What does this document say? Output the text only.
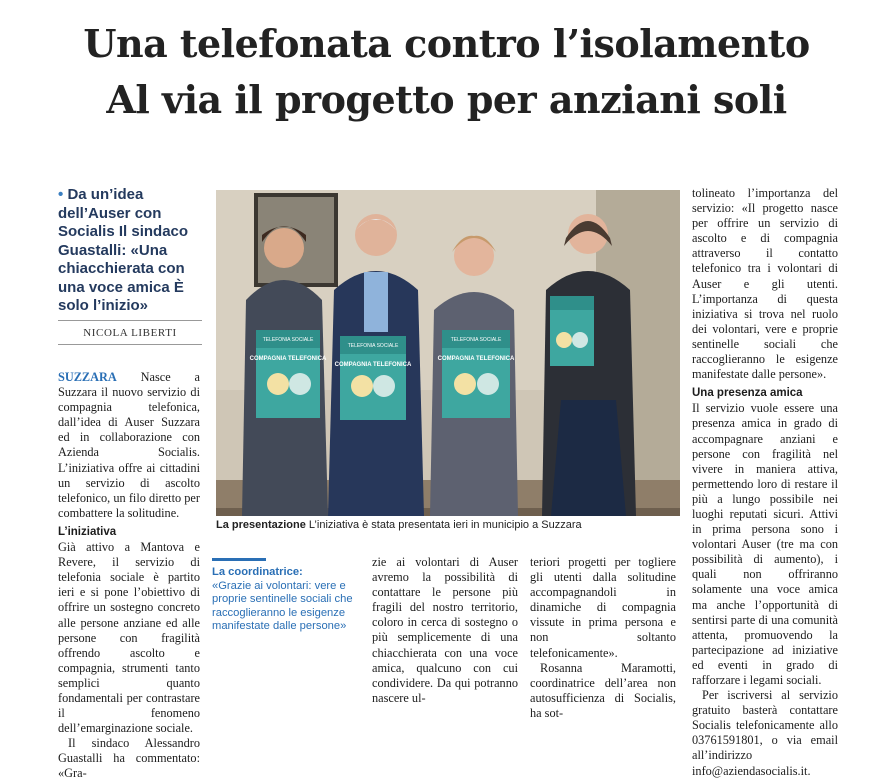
Una telefonata contro l’isolamento
Al via il progetto per anziani soli
• Da un’idea dell’Auser con Socialis Il sindaco Guastalli: «Una chiacchierata con una voce amica È solo l’inizio»
NICOLA LIBERTI

SUZZARA Nasce a Suzzara il nuovo servizio di compagnia telefonica, dall’idea di Auser Suzzara ed in collaborazione con Azienda Socialis. L’iniziativa offre ai cittadini un servizio di ascolto telefonico, un filo diretto per combattere la solitudine.

L’iniziativa

Già attivo a Mantova e Revere, il servizio di telefonia sociale è partito ieri e si pone l’obiettivo di offrire un sostegno concreto alle persone anziane ed alle persone con fragilità offrendo ascolto e compagnia, strumenti tanto semplici quanto fondamentali per contrastare il fenomeno dell’emarginazione sociale.

Il sindaco Alessandro Guastalli ha commentato: «Gra-

TELEFONIA SOCIALE
COMPAGNIA TELEFONICA
TELEFONIA SOCIALE
COMPAGNIA TELEFONICA
TELEFONIA SOCIALE
COMPAGNIA TELEFONICA
La presentazione L’iniziativa è stata presentata ieri in municipio a Suzzara
La coordinatrice:
«Grazie ai volontari: vere e proprie sentinelle sociali che raccoglieranno le esigenze manifestate dalle persone»

zie ai volontari di Auser avremo la possibilità di contattare le persone più fragili del nostro territorio, coloro in cerca di sostegno o più semplicemente di una chiacchierata con una voce amica, qualcuno con cui condividere. Da qui potranno nascere ul-

teriori progetti per togliere gli utenti dalla solitudine accompagnandoli in dinamiche di compagnia vissute in prima persona e non soltanto telefonicamente».

Rosanna Maramotti, coordinatrice dell’area non autosufficienza di Socialis, ha sot-

tolineato l’importanza del servizio: «Il progetto nasce per offrire un servizio di ascolto e di compagnia attraverso il contatto telefonico tra i volontari di Auser e gli utenti. L’importanza di questa iniziativa si trova nel ruolo dei volontari, vere e proprie sentinelle sociali che raccoglieranno le esigenze manifestate dalle persone».

Una presenza amica

Il servizio vuole essere una presenza amica in grado di accompagnare anziani e persone con fragilità nel vivere in maniera attiva, permettendo loro di restare il più a lungo possibile nei luoghi reputati sicuri. Attivi in prima persona sono i volontari Auser (tre ma con possibilità di aumento), i quali non offriranno solamente una voce amica ma anche l’opportunità di sentirsi parte di una comunità attenta, promuovendo la partecipazione ad iniziative ed eventi in grado di rafforzare i legami sociali.

Per iscriversi al servizio gratuito basterà contattare Socialis telefonicamente allo 03761591801, o via email all’indirizzo info@aziendasocialis.it.
